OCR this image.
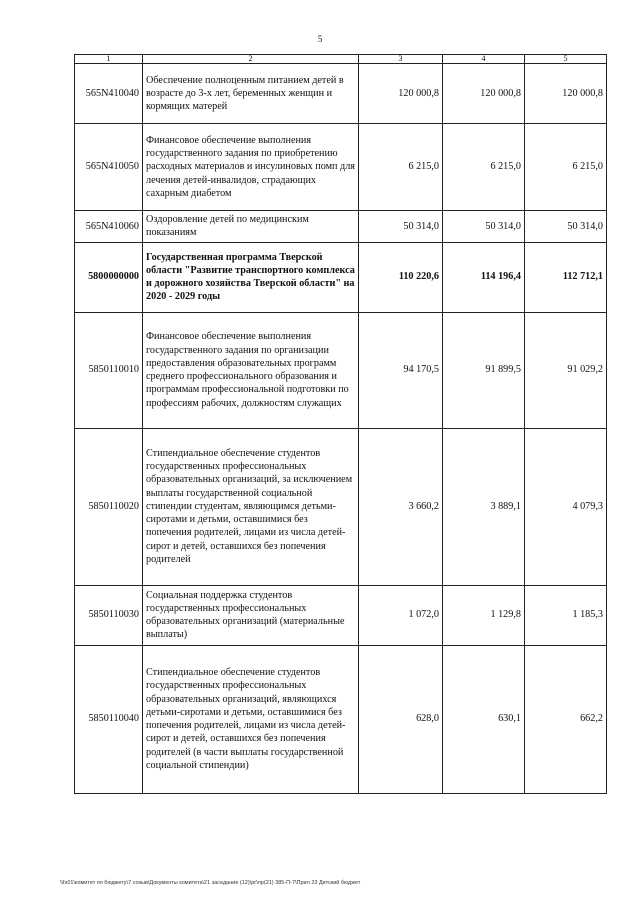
5
1	2	3	4	5
565N410040	Обеспечение полноценным питанием детей в возрасте до 3-х лет, беременных женщин и кормящих матерей	120 000,8	120 000,8	120 000,8
565N410050	Финансовое обеспечение выполнения государственного задания по приобретению расходных материалов и инсулиновых помп для лечения детей-инвалидов, страдающих сахарным диабетом	6 215,0	6 215,0	6 215,0
565N410060	Оздоровление детей по медицинским показаниям	50 314,0	50 314,0	50 314,0
5800000000	Государственная программа Тверской области "Развитие транспортного комплекса и дорожного хозяйства Тверской области" на 2020 - 2029 годы	110 220,6	114 196,4	112 712,1
5850110010	Финансовое обеспечение выполнения государственного задания по организации предоставления образовательных программ среднего профессионального образования и программам профессиональной подготовки по профессиям рабочих, должностям служащих	94 170,5	91 899,5	91 029,2
5850110020	Стипендиальное обеспечение студентов государственных профессиональных образовательных организаций, за исключением выплаты государственной социальной стипендии студентам, являющимся детьми-сиротами и детьми, оставшимися без попечения родителей, лицами из числа детей-сирот и детей, оставшихся без попечения родителей	3 660,2	3 889,1	4 079,3
5850110030	Социальная поддержка студентов государственных профессиональных образовательных организаций (материальные выплаты)	1 072,0	1 129,8	1 185,3
5850110040	Стипендиальное обеспечение студентов государственных профессиональных образовательных организаций, являющихся детьми-сиротами и детьми, оставшимися без попечения родителей, лицами из числа детей-сирот и детей, оставшихся без попечения родителей (в части выплаты государственной социальной стипендии)	628,0	630,1	662,2
\\fs01\комитет по бюджету\7 созыв\Документы комитета\21 заседание (12)\рг\пр(21) 385-П-7\Прил 23 Детский бюджет
